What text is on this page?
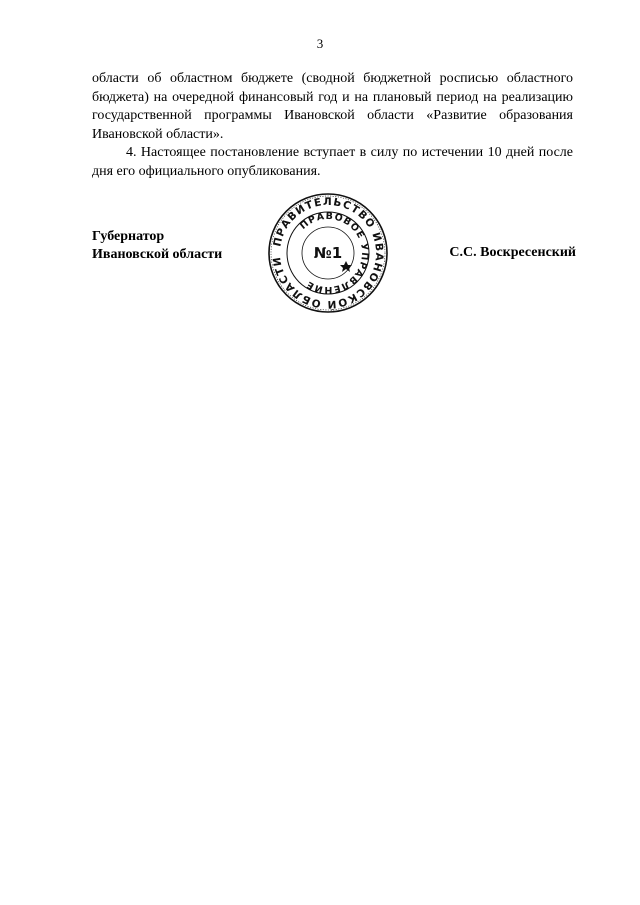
3

области об областном бюджете (сводной бюджетной росписью областного бюджета) на очередной финансовый год и на плановый период на реализацию государственной программы Ивановской области «Развитие образования Ивановской области».

4. Настоящее постановление вступает в силу по истечении 10 дней после дня его официального опубликования.

Губернатор
Ивановской области
ПРАВИТЕЛЬСТВО ИВАНОВСКОЙ ОБЛАСТИ
ПРАВОВОЕ УПРАВЛЕНИЕ
№1	С.С. Воскресенский
